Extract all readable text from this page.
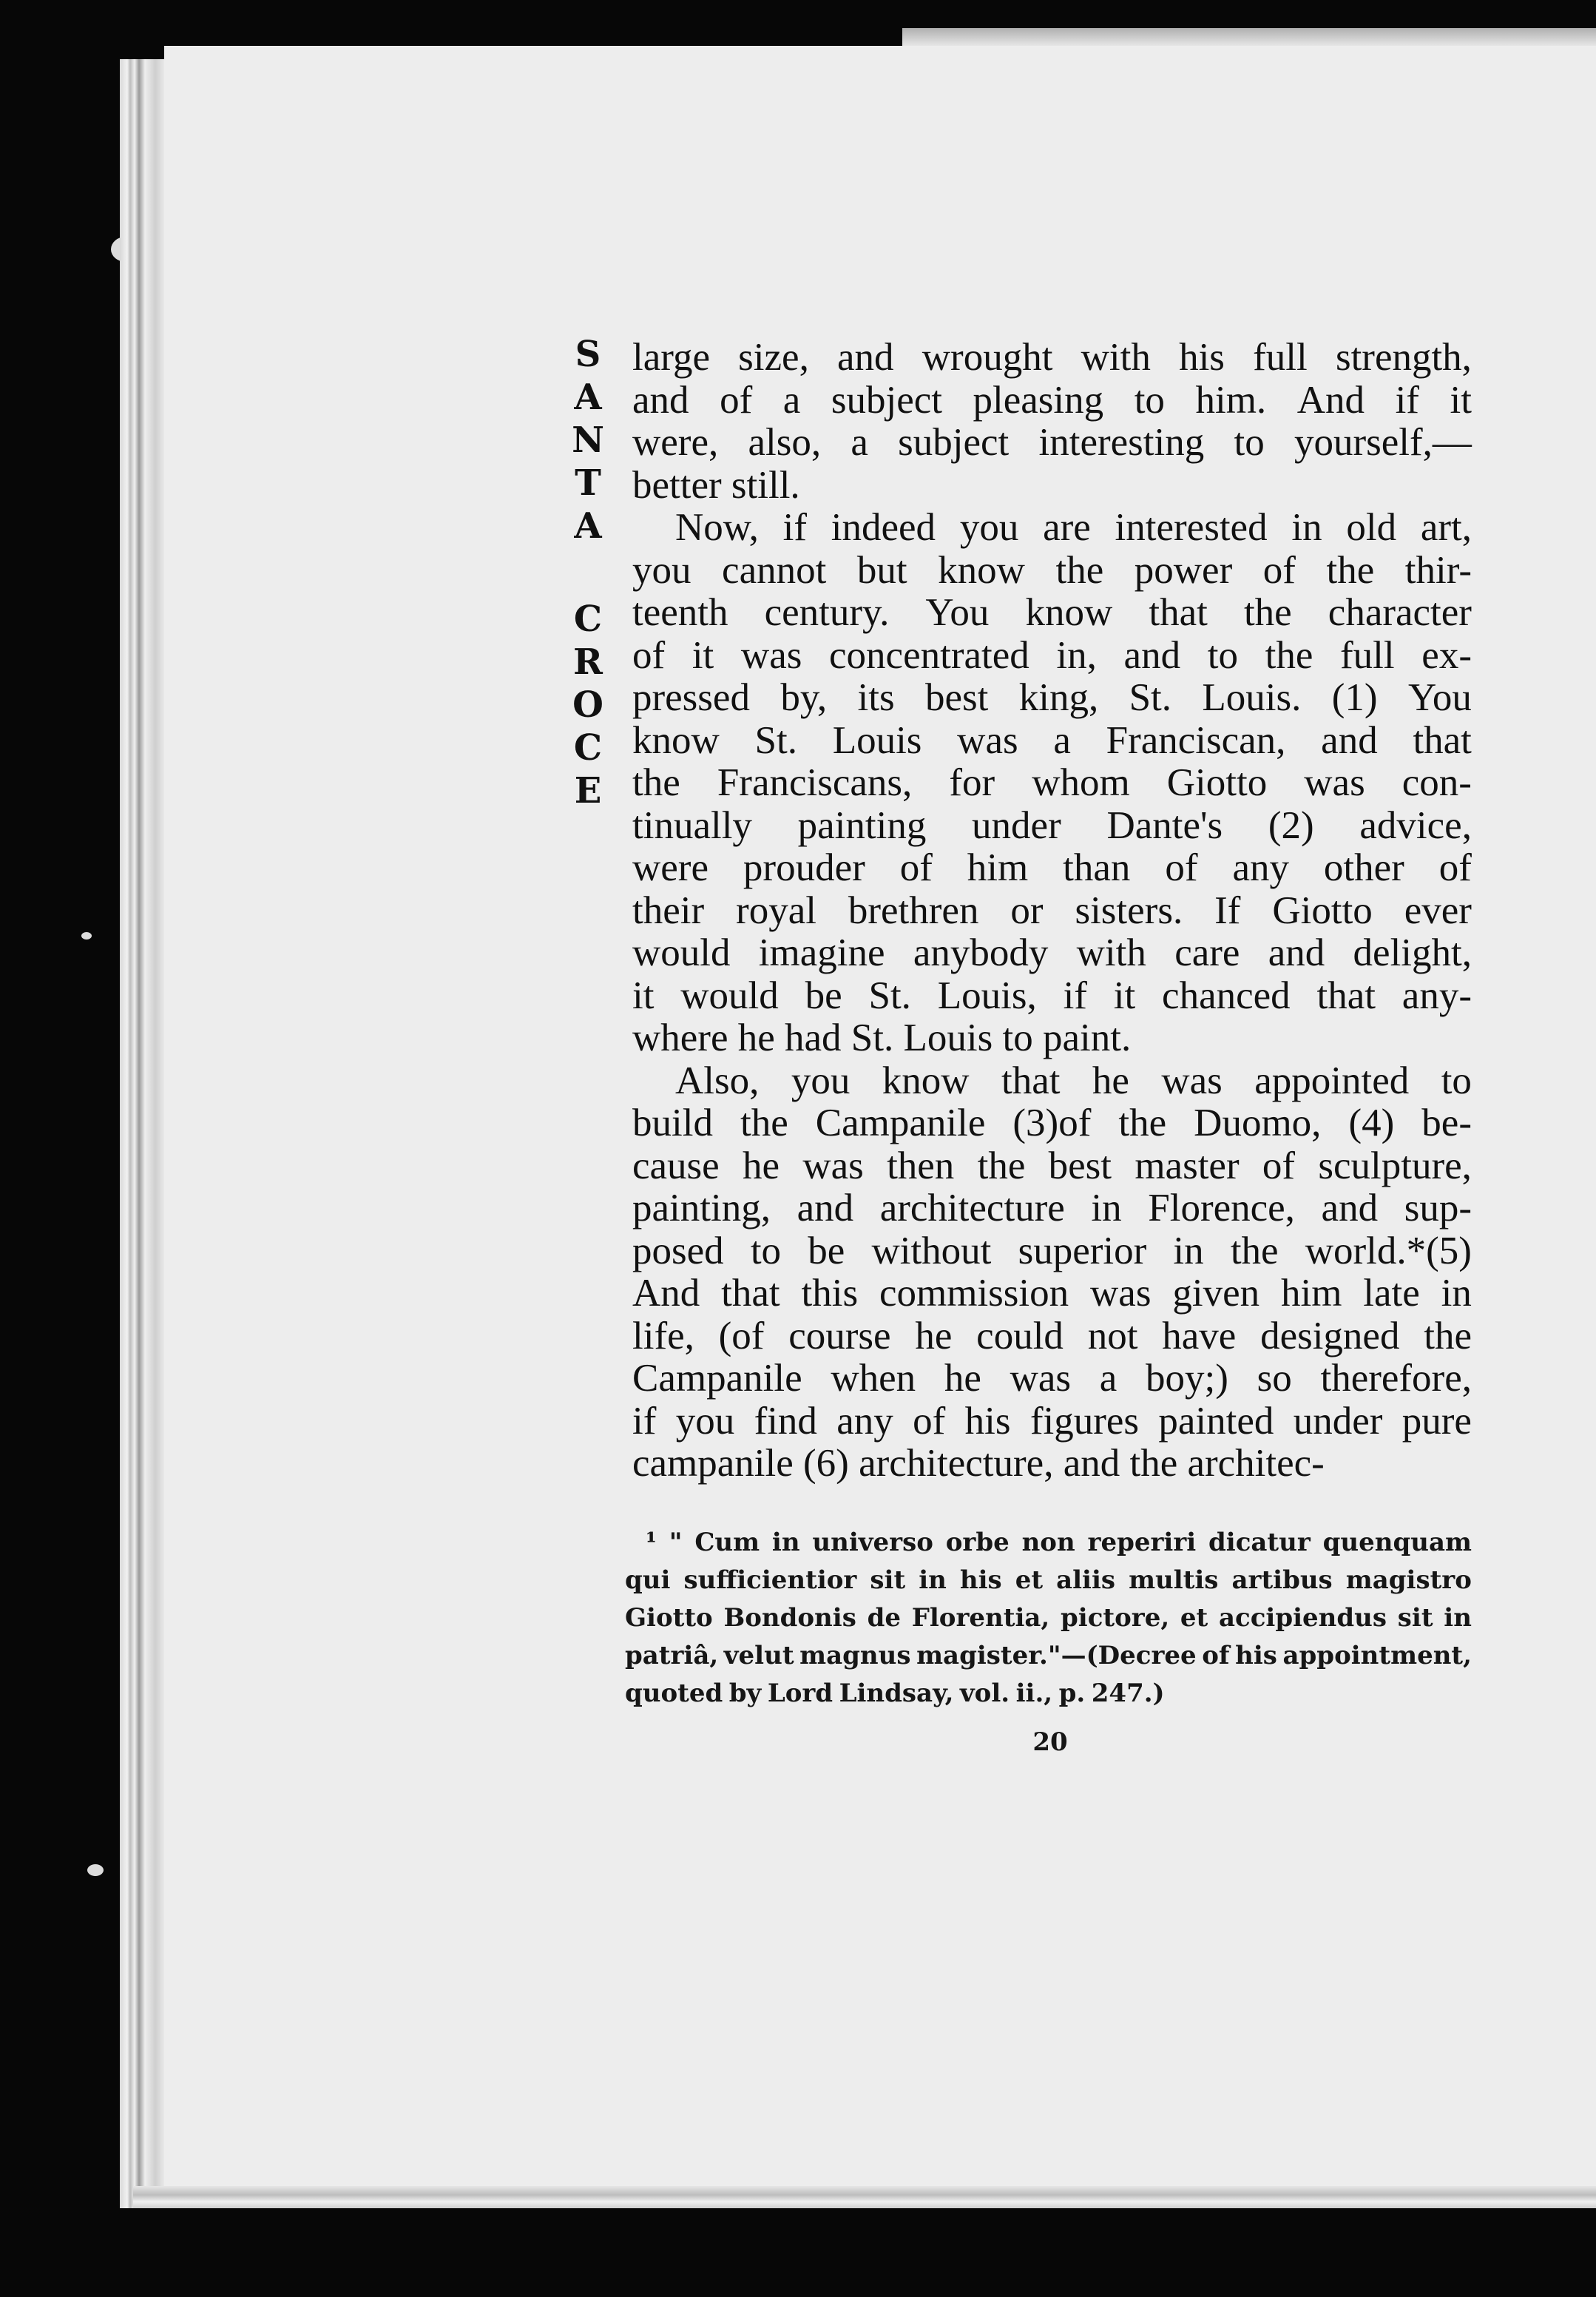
S
A
N
T
A
C
R
O
C
E
large size, and wrought with his full strength,
and of a subject pleasing to him. And if it
were, also, a subject interesting to yourself,—
better still.
Now, if indeed you are interested in old art,
you cannot but know the power of the thir-
teenth century. You know that the character
of it was concentrated in, and to the full ex-
pressed by, its best king, St. Louis. (1) You
know St. Louis was a Franciscan, and that
the Franciscans, for whom Giotto was con-
tinually painting under Dante's (2) advice,
were prouder of him than of any other of
their royal brethren or sisters. If Giotto ever
would imagine anybody with care and delight,
it would be St. Louis, if it chanced that any-
where he had St. Louis to paint.
Also, you know that he was appointed to
build the Campanile (3)of the Duomo, (4) be-
cause he was then the best master of sculpture,
painting, and architecture in Florence, and sup-
posed to be without superior in the world.*(5)
And that this commission was given him late in
life, (of course he could not have designed the
Campanile when he was a boy;) so therefore,
if you find any of his figures painted under pure
campanile (6) architecture, and the architec-
¹ " Cum in universo orbe non reperiri dicatur quenquam
qui sufficientior sit in his et aliis multis artibus magistro
Giotto Bondonis de Florentia, pictore, et accipiendus sit in
patriâ, velut magnus magister."—(Decree of his appointment,
quoted by Lord Lindsay, vol. ii., p. 247.)
20
